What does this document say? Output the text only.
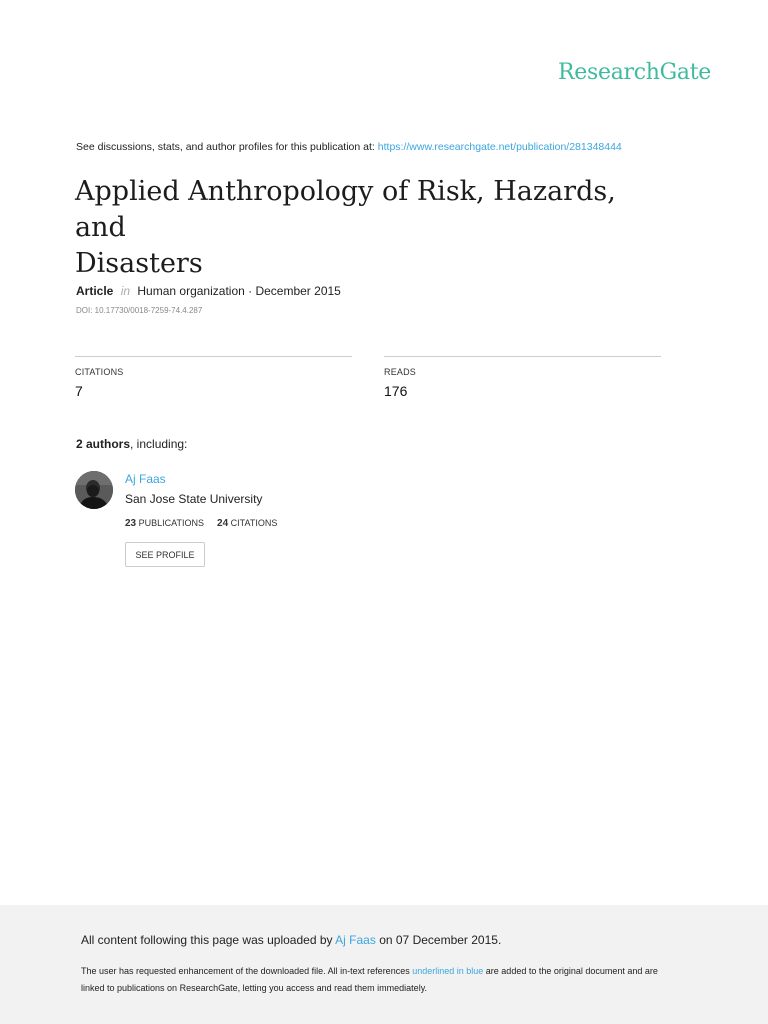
ResearchGate
See discussions, stats, and author profiles for this publication at: https://www.researchgate.net/publication/281348444
Applied Anthropology of Risk, Hazards, and
Disasters
Article in Human organization · December 2015
DOI: 10.17730/0018-7259-74.4.287
CITATIONS
7
READS
176
2 authors, including:
Aj Faas
San Jose State University
23 PUBLICATIONS 24 CITATIONS
SEE PROFILE
All content following this page was uploaded by Aj Faas on 07 December 2015.
The user has requested enhancement of the downloaded file. All in-text references underlined in blue are added to the original document and are linked to publications on ResearchGate, letting you access and read them immediately.
